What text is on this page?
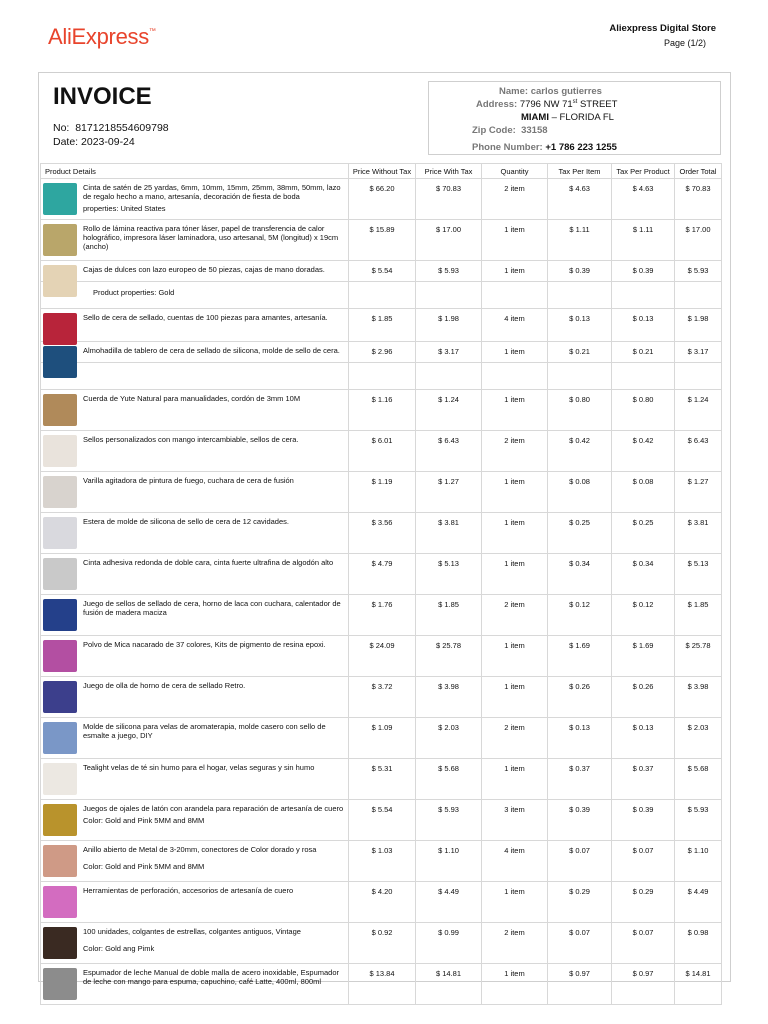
AliExpress™	Aliexpress Digital Store
Page (1/2)
INVOICE
No: 8171218554609798
Date: 2023-09-24
Name: carlos gutierres
Address: 7796 NW 71st STREET
MIAMI – FLORIDA FL
Zip Code: 33158
Phone Number: +1 786 223 1255
Product Details	Price Without Tax	Price With Tax	Quantity	Tax Per Item	Tax Per Product	Order Total

Cinta de satén de 25 yardas, 6mm, 10mm, 15mm, 25mm, 38mm, 50mm, lazo de regalo hecho a mano, artesanía, decoración de fiesta de boda
properties: United States	$ 66.20	$ 70.83	2 item	$ 4.63	$ 4.63	$ 70.83

Rollo de lámina reactiva para tóner láser, papel de transferencia de calor holográfico, impresora láser laminadora, uso artesanal, 5M (longitud) x 19cm (ancho)	$ 15.89	$ 17.00	1 item	$ 1.11	$ 1.11	$ 17.00

Cajas de dulces con lazo europeo de 50 piezas, cajas de mano doradas.	$ 5.54	$ 5.93	1 item	$ 0.39	$ 0.39	$ 5.93
Product properties: Gold						

Sello de cera de sellado, cuentas de 100 piezas para amantes, artesanía.	$ 1.85	$ 1.98	4 item	$ 0.13	$ 0.13	$ 1.98

Almohadilla de tablero de cera de sellado de silicona, molde de sello de cera.	$ 2.96	$ 3.17	1 item	$ 0.21	$ 0.21	$ 3.17

Cuerda de Yute Natural para manualidades, cordón de 3mm 10M	$ 1.16	$ 1.24	1 item	$ 0.80	$ 0.80	$ 1.24

Sellos personalizados con mango intercambiable, sellos de cera.	$ 6.01	$ 6.43	2 item	$ 0.42	$ 0.42	$ 6.43

Varilla agitadora de pintura de fuego, cuchara de cera de fusión	$ 1.19	$ 1.27	1 item	$ 0.08	$ 0.08	$ 1.27

Estera de molde de silicona de sello de cera de 12 cavidades.	$ 3.56	$ 3.81	1 item	$ 0.25	$ 0.25	$ 3.81

Cinta adhesiva redonda de doble cara, cinta fuerte ultrafina de algodón alto	$ 4.79	$ 5.13	1 item	$ 0.34	$ 0.34	$ 5.13

Juego de sellos de sellado de cera, horno de laca con cuchara, calentador de fusión de madera maciza	$ 1.76	$ 1.85	2 item	$ 0.12	$ 0.12	$ 1.85

Polvo de Mica nacarado de 37 colores, Kits de pigmento de resina epoxi.	$ 24.09	$ 25.78	1 item	$ 1.69	$ 1.69	$ 25.78

Juego de olla de horno de cera de sellado Retro.	$ 3.72	$ 3.98	1 item	$ 0.26	$ 0.26	$ 3.98

Molde de silicona para velas de aromaterapia, molde casero con sello de esmalte a juego, DIY	$ 1.09	$ 2.03	2 item	$ 0.13	$ 0.13	$ 2.03

Tealight velas de té sin humo para el hogar, velas seguras y sin humo	$ 5.31	$ 5.68	1 item	$ 0.37	$ 0.37	$ 5.68

Juegos de ojales de latón con arandela para reparación de artesanía de cuero
Color: Gold and Pink 5MM and 8MM	$ 5.54	$ 5.93	3 item	$ 0.39	$ 0.39	$ 5.93

Anillo abierto de Metal de 3-20mm, conectores de Color dorado y rosa
Color: Gold and Pink 5MM and 8MM	$ 1.03	$ 1.10	4 item	$ 0.07	$ 0.07	$ 1.10

Herramientas de perforación, accesorios de artesanía de cuero	$ 4.20	$ 4.49	1 item	$ 0.29	$ 0.29	$ 4.49

100 unidades, colgantes de estrellas, colgantes antiguos, Vintage
Color: Gold ang Pimk	$ 0.92	$ 0.99	2 item	$ 0.07	$ 0.07	$ 0.98

Espumador de leche Manual de doble malla de acero inoxidable, Espumador de leche con mango para espuma, capuchino, café Latte, 400ml, 800ml	$ 13.84	$ 14.81	1 item	$ 0.97	$ 0.97	$ 14.81
